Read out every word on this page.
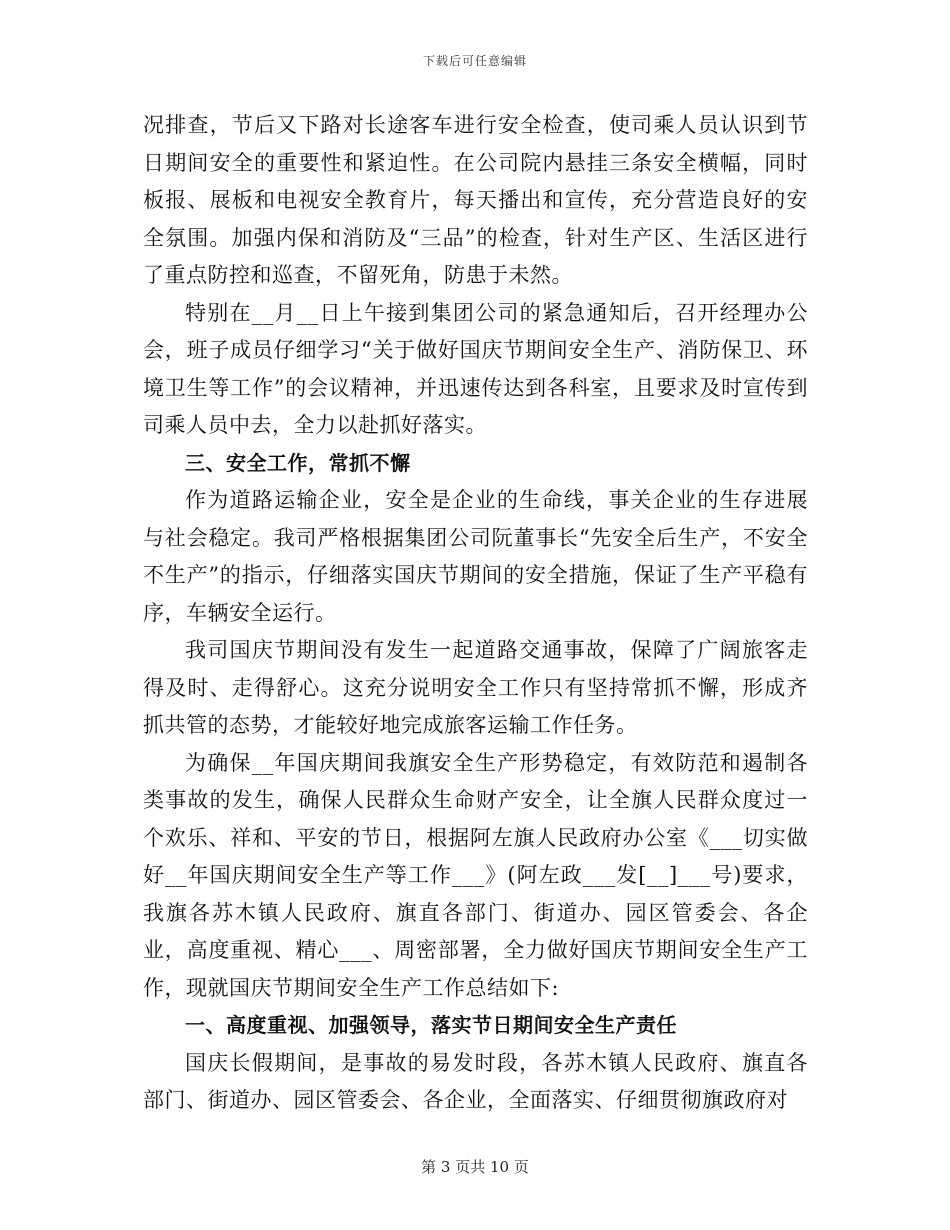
下载后可任意编辑

况排查，节后又下路对长途客车进行安全检查，使司乘人员认识到节日期间安全的重要性和紧迫性。在公司院内悬挂三条安全横幅，同时板报、展板和电视安全教育片，每天播出和宣传，充分营造良好的安全氛围。加强内保和消防及“三品”的检查，针对生产区、生活区进行了重点防控和巡查，不留死角，防患于未然。

特别在__月__日上午接到集团公司的紧急通知后，召开经理办公会，班子成员仔细学习“关于做好国庆节期间安全生产、消防保卫、环境卫生等工作”的会议精神，并迅速传达到各科室，且要求及时宣传到司乘人员中去，全力以赴抓好落实。

三、安全工作，常抓不懈

作为道路运输企业，安全是企业的生命线，事关企业的生存进展与社会稳定。我司严格根据集团公司阮董事长“先安全后生产，不安全不生产”的指示，仔细落实国庆节期间的安全措施，保证了生产平稳有序，车辆安全运行。

我司国庆节期间没有发生一起道路交通事故，保障了广阔旅客走得及时、走得舒心。这充分说明安全工作只有坚持常抓不懈，形成齐抓共管的态势，才能较好地完成旅客运输工作任务。

为确保__年国庆期间我旗安全生产形势稳定，有效防范和遏制各类事故的发生，确保人民群众生命财产安全，让全旗人民群众度过一个欢乐、祥和、平安的节日，根据阿左旗人民政府办公室《___切实做好__年国庆期间安全生产等工作___》(阿左政___发[__]___号)要求，我旗各苏木镇人民政府、旗直各部门、街道办、园区管委会、各企业，高度重视、精心___、周密部署，全力做好国庆节期间安全生产工作，现就国庆节期间安全生产工作总结如下:

一、高度重视、加强领导，落实节日期间安全生产责任

国庆长假期间，是事故的易发时段，各苏木镇人民政府、旗直各部门、街道办、园区管委会、各企业，全面落实、仔细贯彻旗政府对

第 3 页共 10 页
